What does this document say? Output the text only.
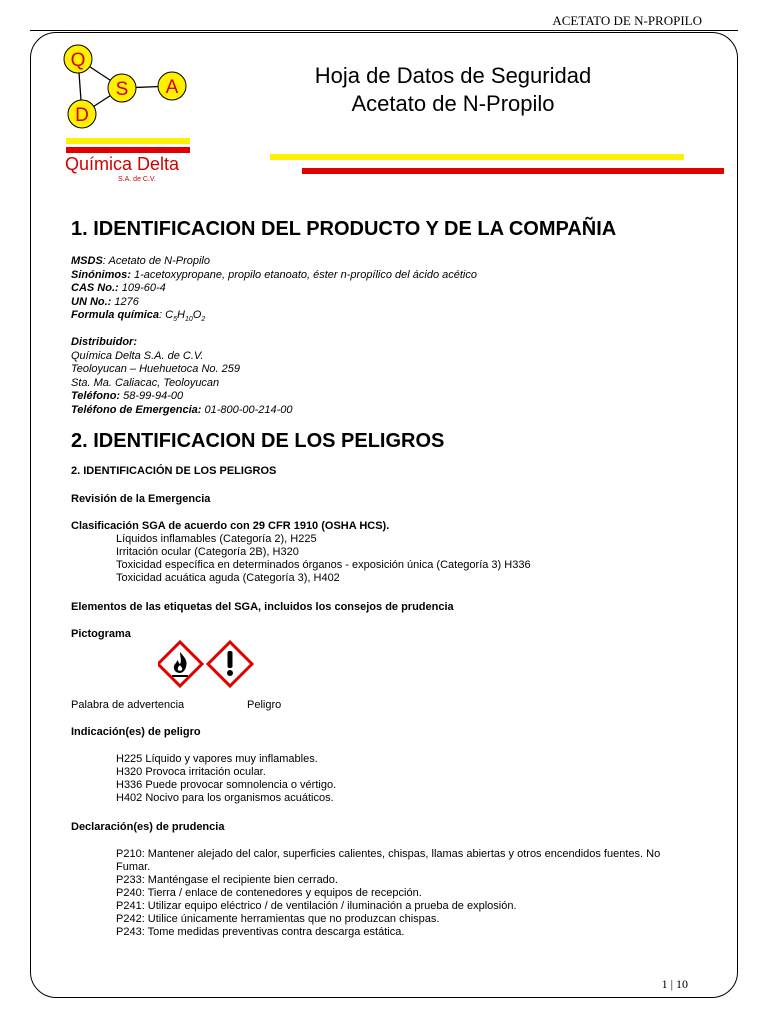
ACETATO DE N-PROPILO
Q
S A
D
Química Delta
S.A. de C.V.
Hoja de Datos de Seguridad
Acetato de N-Propilo
1. IDENTIFICACION DEL PRODUCTO Y DE LA COMPAÑIA
MSDS: Acetato de N-Propilo
Sinónimos: 1-acetoxypropane, propilo etanoato, éster n-propílico del ácido acético
CAS No.: 109-60-4
UN No.: 1276
Formula química: $C_5H_{10}O_2$
Distribuidor:
Química Delta S.A. de C.V.
Teoloyucan – Huehuetoca No. 259
Sta. Ma. Caliacac, Teoloyucan
Teléfono: 58-99-94-00
Teléfono de Emergencia: 01-800-00-214-00
2. IDENTIFICACION DE LOS PELIGROS
2. IDENTIFICACIÓN DE LOS PELIGROS
Revisión de la Emergencia
Clasificación SGA de acuerdo con 29 CFR 1910 (OSHA HCS).
Líquidos inflamables (Categoría 2), H225
Irritación ocular (Categoría 2B), H320
Toxicidad específica en determinados órganos - exposición única (Categoría 3) H336
Toxicidad acuática aguda (Categoría 3), H402
Elementos de las etiquetas del SGA, incluidos los consejos de prudencia
Pictograma
Palabra de advertencia	Peligro
Indicación(es) de peligro
H225 Líquido y vapores muy inflamables.
H320 Provoca irritación ocular.
H336 Puede provocar somnolencia o vértigo.
H402 Nocivo para los organismos acuáticos.
Declaración(es) de prudencia
P210: Mantener alejado del calor, superficies calientes, chispas, llamas abiertas y otros encendidos fuentes. No
Fumar.
P233: Manténgase el recipiente bien cerrado.
P240: Tierra / enlace de contenedores y equipos de recepción.
P241: Utilizar equipo eléctrico / de ventilación / iluminación a prueba de explosión.
P242: Utilice únicamente herramientas que no produzcan chispas.
P243: Tome medidas preventivas contra descarga estática.
1 | 10
